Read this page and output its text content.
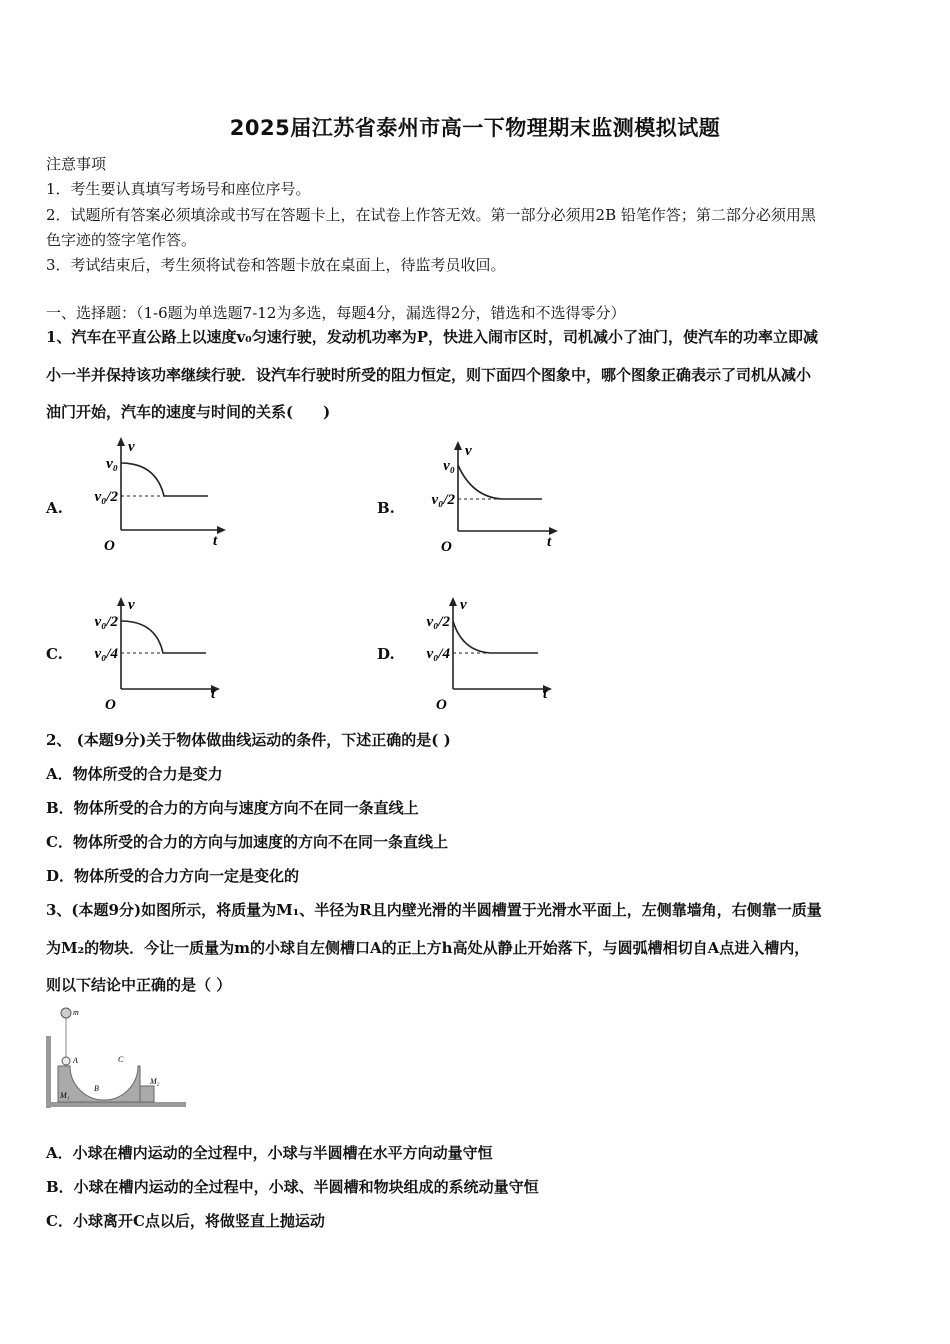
2025届江苏省泰州市高一下物理期末监测模拟试题
注意事项
1．考生要认真填写考场号和座位序号。
2．试题所有答案必须填涂或书写在答题卡上，在试卷上作答无效。第一部分必须用2B 铅笔作答；第二部分必须用黑
色字迹的签字笔作答。
3．考试结束后，考生须将试卷和答题卡放在桌面上，待监考员收回。
一、选择题：（1-6题为单选题7-12为多选，每题4分，漏选得2分，错选和不选得零分）
1、汽车在平直公路上以速度v₀匀速行驶，发动机功率为P，快进入闹市区时，司机减小了油门，使汽车的功率立即减
小一半并保持该功率继续行驶．设汽车行驶时所受的阻力恒定，则下面四个图象中，哪个图象正确表示了司机从减小
油门开始，汽车的速度与时间的关系(　　)
A.
v
t
O
v₀
v₀/2
B.
v
t
O
v₀
v₀/2
C.
v
t
O
v₀/2
v₀/4	D.
v
t
O
v₀/2
v₀/4
2、 (本题9分)关于物体做曲线运动的条件，下述正确的是( )
A．物体所受的合力是变力
B．物体所受的合力的方向与速度方向不在同一条直线上
C．物体所受的合力的方向与加速度的方向不在同一条直线上
D．物体所受的合力方向一定是变化的
3、(本题9分)如图所示，将质量为M₁、半径为R且内壁光滑的半圆槽置于光滑水平面上，左侧靠墙角，右侧靠一质量
为M₂的物块．今让一质量为m的小球自左侧槽口A的正上方h高处从静止开始落下，与圆弧槽相切自A点进入槽内，
则以下结论中正确的是（ ）
m
A
B
C
M₁
M₂
A．小球在槽内运动的全过程中，小球与半圆槽在水平方向动量守恒
B．小球在槽内运动的全过程中，小球、半圆槽和物块组成的系统动量守恒
C．小球离开C点以后，将做竖直上抛运动
